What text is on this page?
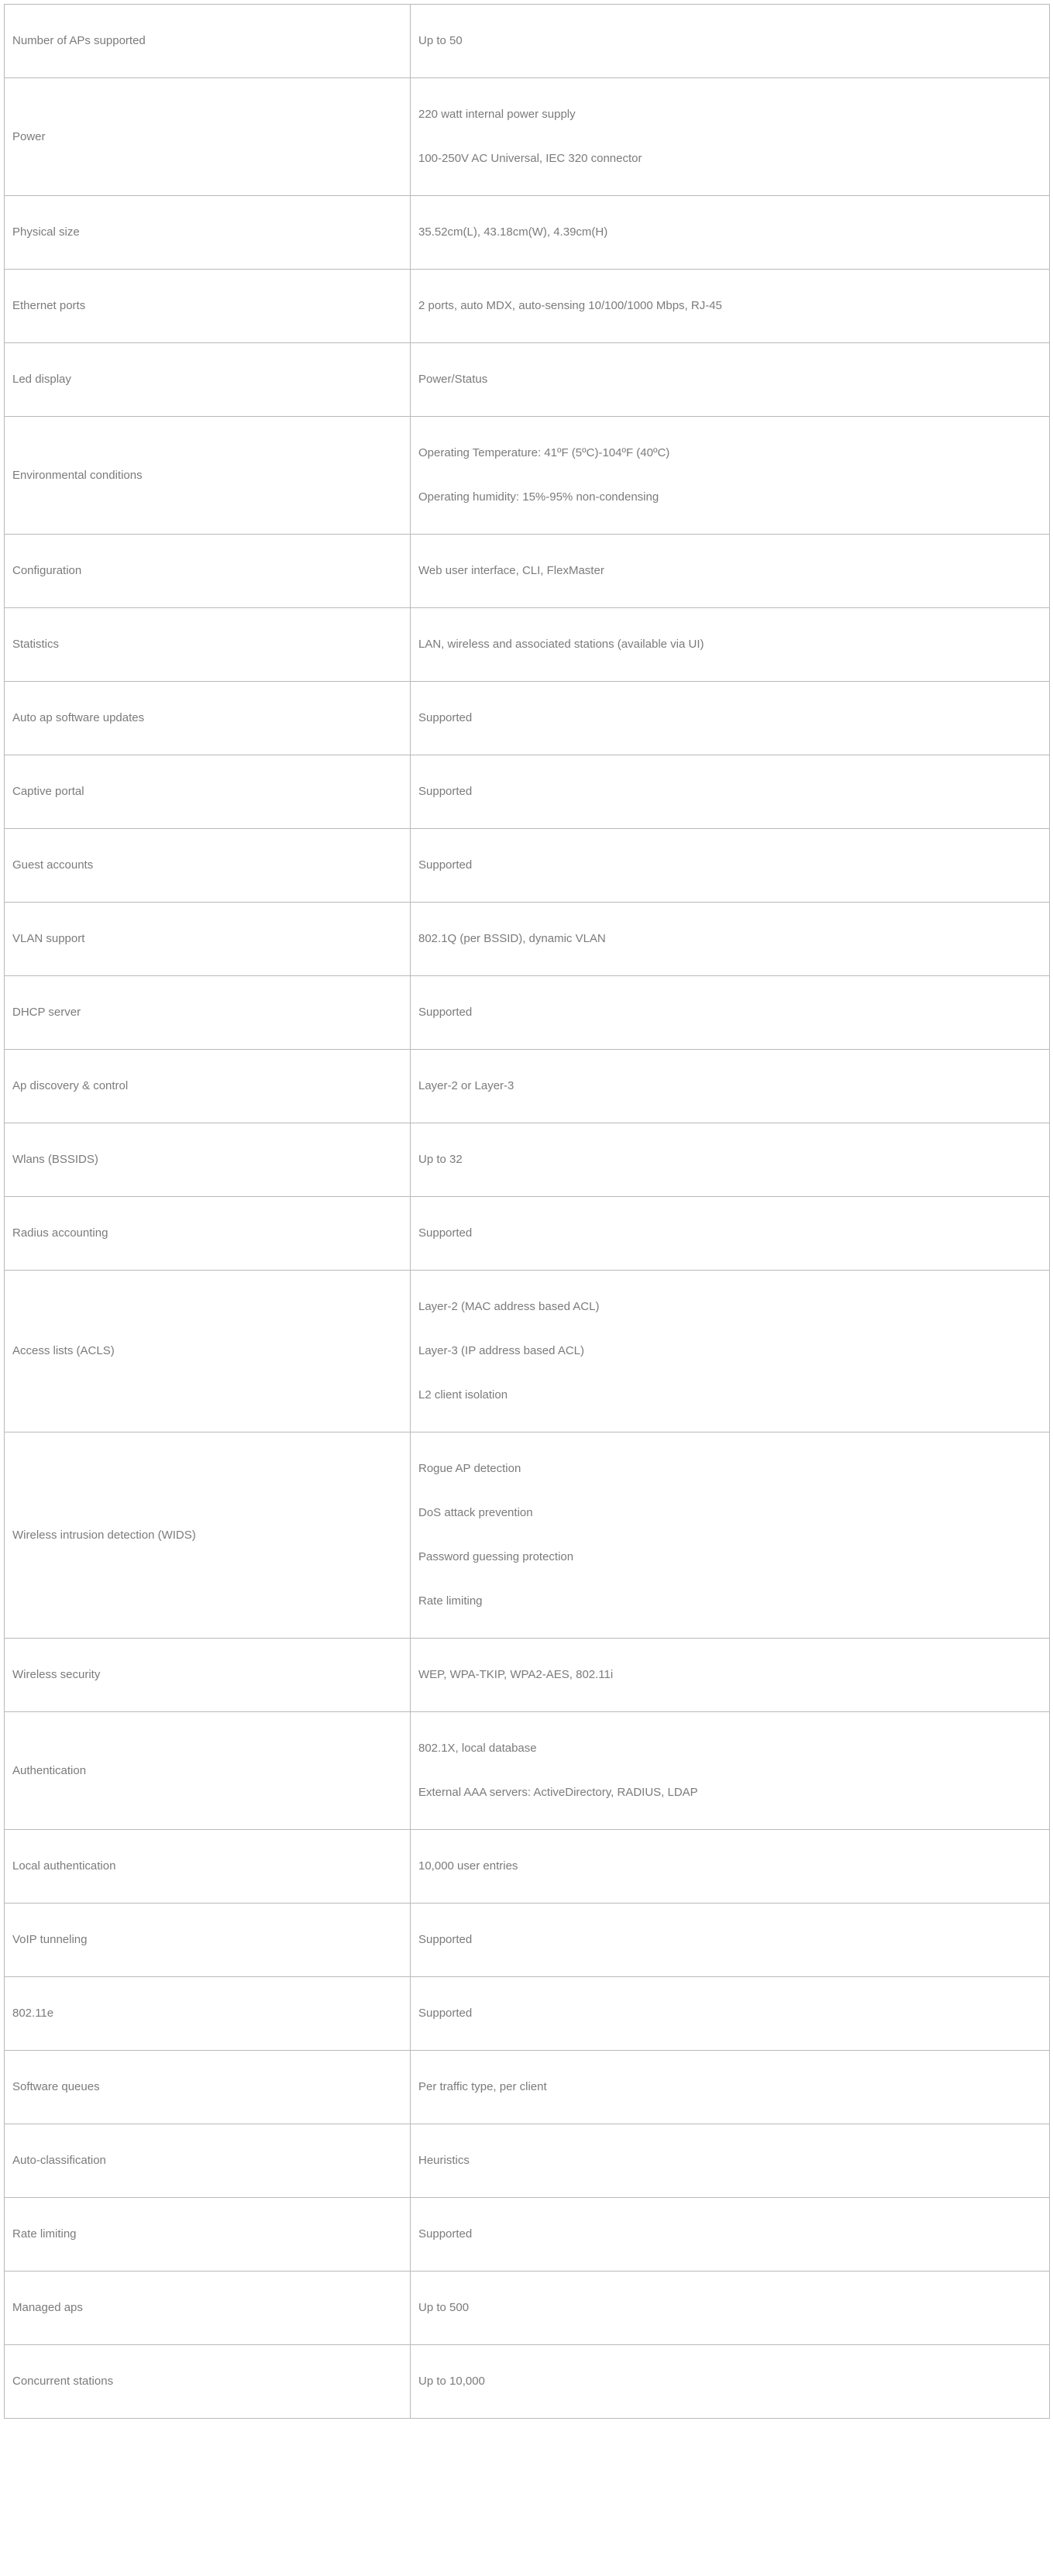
Number of APs supported	Up to 50

Power	220 watt internal power supply
100-250V AC Universal, IEC 320 connector

Physical size	35.52cm(L), 43.18cm(W), 4.39cm(H)

Ethernet ports	2 ports, auto MDX, auto-sensing 10/100/1000 Mbps, RJ-45

Led display	Power/Status

Environmental conditions	Operating Temperature: 41ºF (5ºC)-104ºF (40ºC)
Operating humidity: 15%-95% non-condensing

Configuration	Web user interface, CLI, FlexMaster

Statistics	LAN, wireless and associated stations (available via UI)

Auto ap software updates	Supported

Captive portal	Supported

Guest accounts	Supported

VLAN support	802.1Q (per BSSID), dynamic VLAN

DHCP server	Supported

Ap discovery & control	Layer-2 or Layer-3

Wlans (BSSIDS)	Up to 32

Radius accounting	Supported

Access lists (ACLS)	Layer-2 (MAC address based ACL)
Layer-3 (IP address based ACL)
L2 client isolation

Wireless intrusion detection (WIDS)	Rogue AP detection
DoS attack prevention
Password guessing protection
Rate limiting

Wireless security	WEP, WPA-TKIP, WPA2-AES, 802.11i

Authentication	802.1X, local database
External AAA servers: ActiveDirectory, RADIUS, LDAP

Local authentication	10,000 user entries

VoIP tunneling	Supported

802.11e	Supported

Software queues	Per traffic type, per client

Auto-classification	Heuristics

Rate limiting	Supported

Managed aps	Up to 500

Concurrent stations	Up to 10,000
